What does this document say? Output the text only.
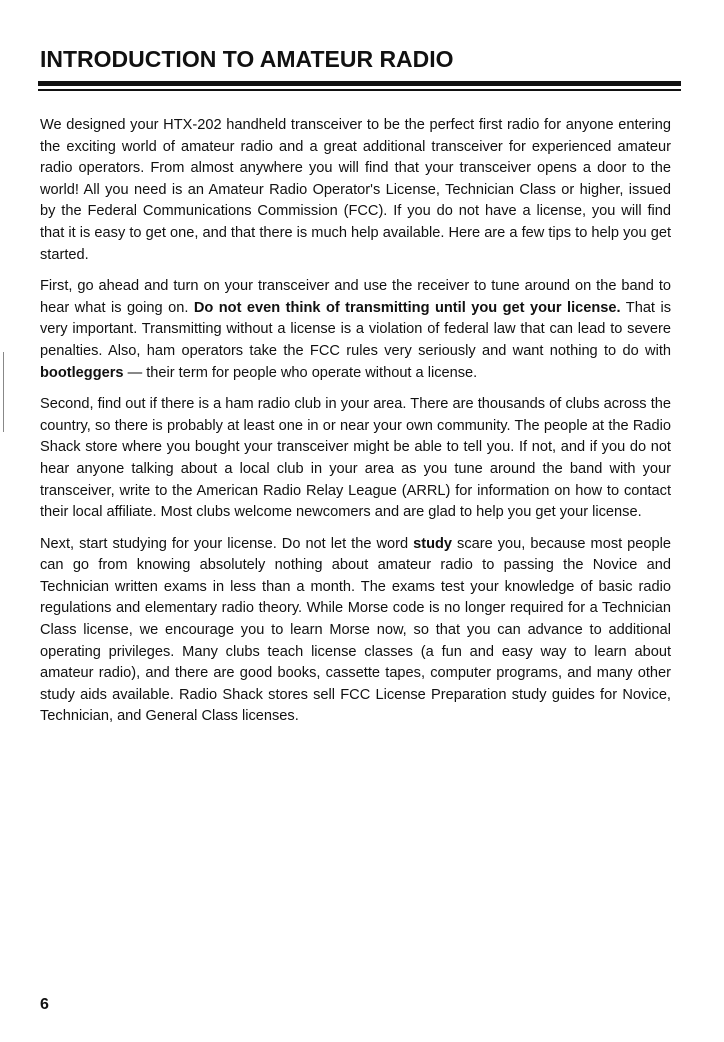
INTRODUCTION TO AMATEUR RADIO

We designed your HTX-202 handheld transceiver to be the perfect first radio for anyone entering the exciting world of amateur radio and a great additional transceiver for experienced amateur radio operators. From almost anywhere you will find that your transceiver opens a door to the world! All you need is an Amateur Radio Operator's License, Technician Class or higher, issued by the Federal Communications Commission (FCC). If you do not have a license, you will find that it is easy to get one, and that there is much help available. Here are a few tips to help you get started.

First, go ahead and turn on your transceiver and use the receiver to tune around on the band to hear what is going on. Do not even think of transmitting until you get your license. That is very important. Transmitting without a license is a violation of federal law that can lead to severe penalties. Also, ham operators take the FCC rules very seriously and want nothing to do with bootleggers — their term for people who operate without a license.

Second, find out if there is a ham radio club in your area. There are thousands of clubs across the country, so there is probably at least one in or near your own community. The people at the Radio Shack store where you bought your transceiver might be able to tell you. If not, and if you do not hear anyone talking about a local club in your area as you tune around the band with your transceiver, write to the American Radio Relay League (ARRL) for information on how to contact their local affiliate. Most clubs welcome newcomers and are glad to help you get your license.

Next, start studying for your license. Do not let the word study scare you, because most people can go from knowing absolutely nothing about amateur radio to passing the Novice and Technician written exams in less than a month. The exams test your knowledge of basic radio regulations and elementary radio theory. While Morse code is no longer required for a Technician Class license, we encourage you to learn Morse now, so that you can advance to additional operating privileges. Many clubs teach license classes (a fun and easy way to learn about amateur radio), and there are good books, cassette tapes, computer programs, and many other study aids available. Radio Shack stores sell FCC License Preparation study guides for Novice, Technician, and General Class licenses.

6
